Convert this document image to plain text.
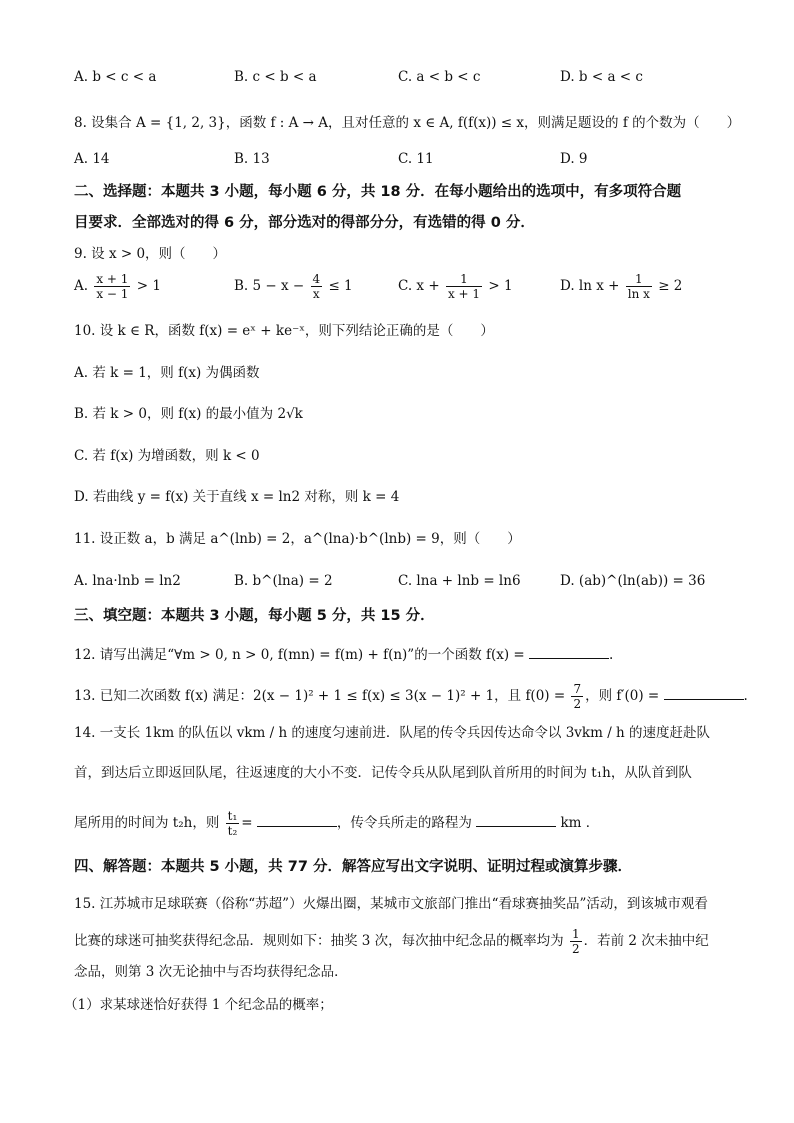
A. b < c < a	B. c < b < a	C. a < b < c	D. b < a < c
8. 设集合 A = {1, 2, 3}，函数 f : A → A，且对任意的 x ∈ A, f(f(x)) ≤ x，则满足题设的 f 的个数为（　　）
A. 14	B. 13	C. 11	D. 9
二、选择题：本题共 3 小题，每小题 6 分，共 18 分．在每小题给出的选项中，有多项符合题
目要求．全部选对的得 6 分，部分选对的得部分分，有选错的得 0 分．
9. 设 x > 0，则（　　）
A. $\frac{x + 1}{x - 1} > 1$	B. $5 - x - \frac{4}{x} \le 1$	C. $x + \frac{1}{x + 1} > 1$	D. $\ln x + \frac{1}{\text{ln x}} \ge 2$
10. 设 k ∈ R，函数 f(x) = eˣ + ke⁻ˣ，则下列结论正确的是（　　）
A. 若 k = 1，则 f(x) 为偶函数
B. 若 k > 0，则 f(x) 的最小值为 2√k
C. 若 f(x) 为增函数，则 k < 0
D. 若曲线 y = f(x) 关于直线 x = ln2 对称，则 k = 4
11. 设正数 a，b 满足 a^(lnb) = 2，a^(lna)·b^(lnb) = 9，则（　　）
A. lna·lnb = ln2	B. b^(lna) = 2	C. lna + lnb = ln6	D. (ab)^(ln(ab)) = 36
三、填空题：本题共 3 小题，每小题 5 分，共 15 分．
12. 请写出满足“∀m > 0, n > 0, f(mn) = f(m) + f(n)”的一个函数 f(x) =	.
13. 已知二次函数 f(x) 满足：2(x − 1)² + 1 ≤ f(x) ≤ 3(x − 1)² + 1，且 $f(0) = \frac{7}{2}$ ，则 f′(0) =	.
14. 一支长 1km 的队伍以 vkm / h 的速度匀速前进．队尾的传令兵因传达命令以 3vkm / h 的速度赶赴队
首，到达后立即返回队尾，往返速度的大小不变．记传令兵从队尾到队首所用的时间为 t₁h，从队首到队
尾所用的时间为 t₂h，则 $\frac{\text{t₁}}{\text{t₂}}$ =	，传令兵所走的路程为	km ．
四、解答题：本题共 5 小题，共 77 分．解答应写出文字说明、证明过程或演算步骤．
15. 江苏城市足球联赛（俗称“苏超”）火爆出圈，某城市文旅部门推出“看球赛抽奖品”活动，到该城市观看
比赛的球迷可抽奖获得纪念品．规则如下：抽奖 3 次，每次抽中纪念品的概率均为 $\frac{1}{2}$ ．若前 2 次未抽中纪
念品，则第 3 次无论抽中与否均获得纪念品．
（1）求某球迷恰好获得 1 个纪念品的概率；
